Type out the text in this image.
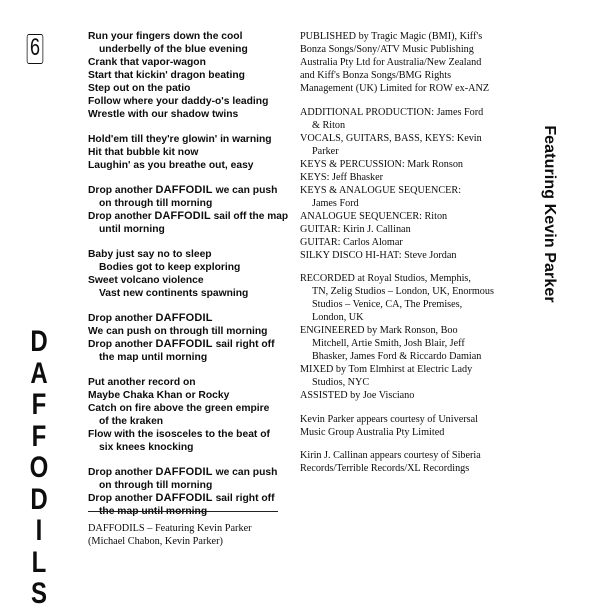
6
D
A
F
F
O
D
I
L
S
Run your fingers down the cool
underbelly of the blue evening
Crank that vapor-wagon
Start that kickin' dragon beating
Step out on the patio
Follow where your daddy-o's leading
Wrestle with our shadow twins
Hold'em till they're glowin' in warning
Hit that bubble kit now
Laughin' as you breathe out, easy
Drop another DAFFODIL we can push
on through till morning
Drop another DAFFODIL sail off the map
until morning
Baby just say no to sleep
Bodies got to keep exploring
Sweet volcano violence
Vast new continents spawning
Drop another DAFFODIL
We can push on through till morning
Drop another DAFFODIL sail right off
the map until morning
Put another record on
Maybe Chaka Khan or Rocky
Catch on fire above the green empire
of the kraken
Flow with the isosceles to the beat of
six knees knocking
Drop another DAFFODIL we can push
on through till morning
Drop another DAFFODIL sail right off
the map until morning
DAFFODILS – Featuring Kevin Parker
(Michael Chabon, Kevin Parker)
PUBLISHED by Tragic Magic (BMI), Kiff's
Bonza Songs/Sony/ATV Music Publishing
Australia Pty Ltd for Australia/New Zealand
and Kiff's Bonza Songs/BMG Rights
Management (UK) Limited for ROW ex-ANZ
ADDITIONAL PRODUCTION: James Ford
& Riton
VOCALS, GUITARS, BASS, KEYS: Kevin
Parker
KEYS & PERCUSSION: Mark Ronson
KEYS: Jeff Bhasker
KEYS & ANALOGUE SEQUENCER:
James Ford
ANALOGUE SEQUENCER: Riton
GUITAR: Kirin J. Callinan
GUITAR: Carlos Alomar
SILKY DISCO HI-HAT: Steve Jordan
RECORDED at Royal Studios, Memphis,
TN, Zelig Studios – London, UK, Enormous
Studios – Venice, CA, The Premises,
London, UK
ENGINEERED by Mark Ronson, Boo
Mitchell, Artie Smith, Josh Blair, Jeff
Bhasker, James Ford & Riccardo Damian
MIXED by Tom Elmhirst at Electric Lady
Studios, NYC
ASSISTED by Joe Visciano
Kevin Parker appears courtesy of Universal
Music Group Australia Pty Limited
Kirin J. Callinan appears courtesy of Siberia
Records/Terrible Records/XL Recordings
Featuring Kevin Parker
